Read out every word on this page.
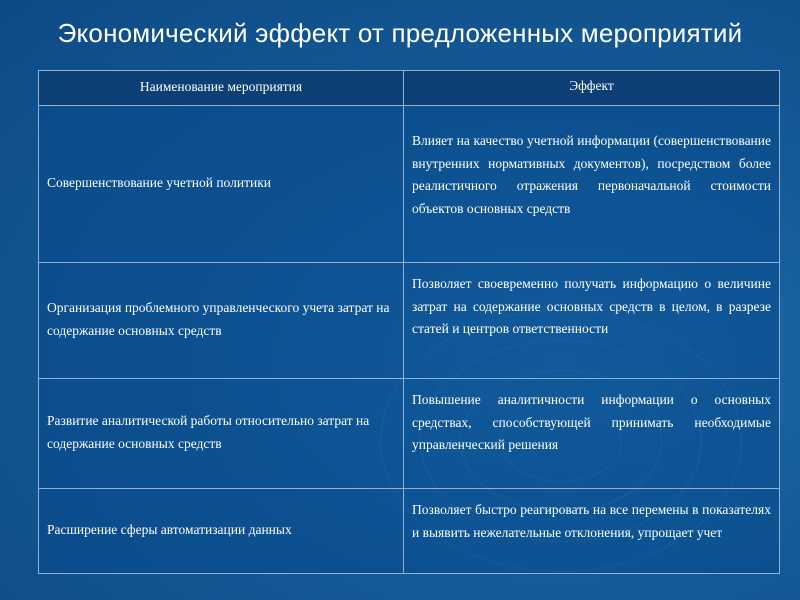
Экономический эффект от предложенных мероприятий
Наименование мероприятия	Эффект
Совершенствование учетной политики
Влияет на качество учетной информации (совершенствование внутренних нормативных документов), посредством более реалистичного отражения первоначальной стоимости объектов основных средств
Организация проблемного управленческого учета затрат на содержание основных средств
Позволяет своевременно получать информацию о величине затрат на содержание основных средств в целом, в разрезе статей и центров ответственности
Развитие аналитической работы относительно затрат на содержание основных средств
Повышение аналитичности информации о основных средствах, способствующей принимать необходимые управленческий решения
Расширение сферы автоматизации данных
Позволяет быстро реагировать на все перемены в показателях и выявить нежелательные отклонения, упрощает учет
